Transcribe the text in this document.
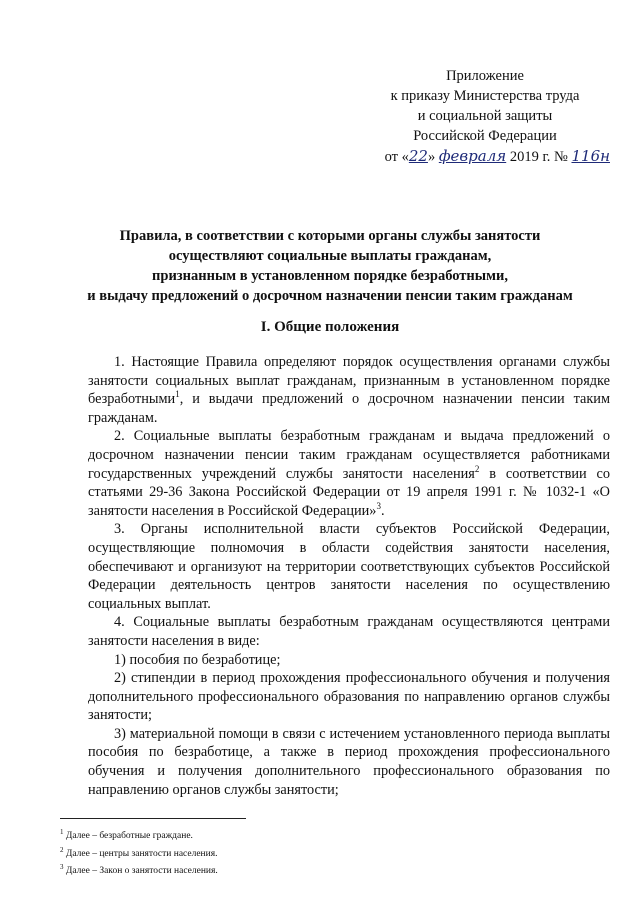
Приложение
к приказу Министерства труда
и социальной защиты
Российской Федерации
от «22» февраля 2019 г. № 116н
Правила, в соответствии с которыми органы службы занятости
осуществляют социальные выплаты гражданам,
признанным в установленном порядке безработными,
и выдачу предложений о досрочном назначении пенсии таким гражданам
I. Общие положения

1. Настоящие Правила определяют порядок осуществления органами службы занятости социальных выплат гражданам, признанным в установленном порядке безработными$^1$, и выдачи предложений о досрочном назначении пенсии таким гражданам.

2. Социальные выплаты безработным гражданам и выдача предложений о досрочном назначении пенсии таким гражданам осуществляется работниками государственных учреждений службы занятости населения$^2$ в соответствии со статьями 29-36 Закона Российской Федерации от 19 апреля 1991 г. № 1032-1 «О занятости населения в Российской Федерации»$^3$.

3. Органы исполнительной власти субъектов Российской Федерации, осуществляющие полномочия в области содействия занятости населения, обеспечивают и организуют на территории соответствующих субъектов Российской Федерации деятельность центров занятости населения по осуществлению социальных выплат.

4. Социальные выплаты безработным гражданам осуществляются центрами занятости населения в виде:

1) пособия по безработице;

2) стипендии в период прохождения профессионального обучения и получения дополнительного профессионального образования по направлению органов службы занятости;

3) материальной помощи в связи с истечением установленного периода выплаты пособия по безработице, а также в период прохождения профессионального обучения и получения дополнительного профессионального образования по направлению органов службы занятости;

$^1$ Далее – безработные граждане.
$^2$ Далее – центры занятости населения.
$^3$ Далее – Закон о занятости населения.
